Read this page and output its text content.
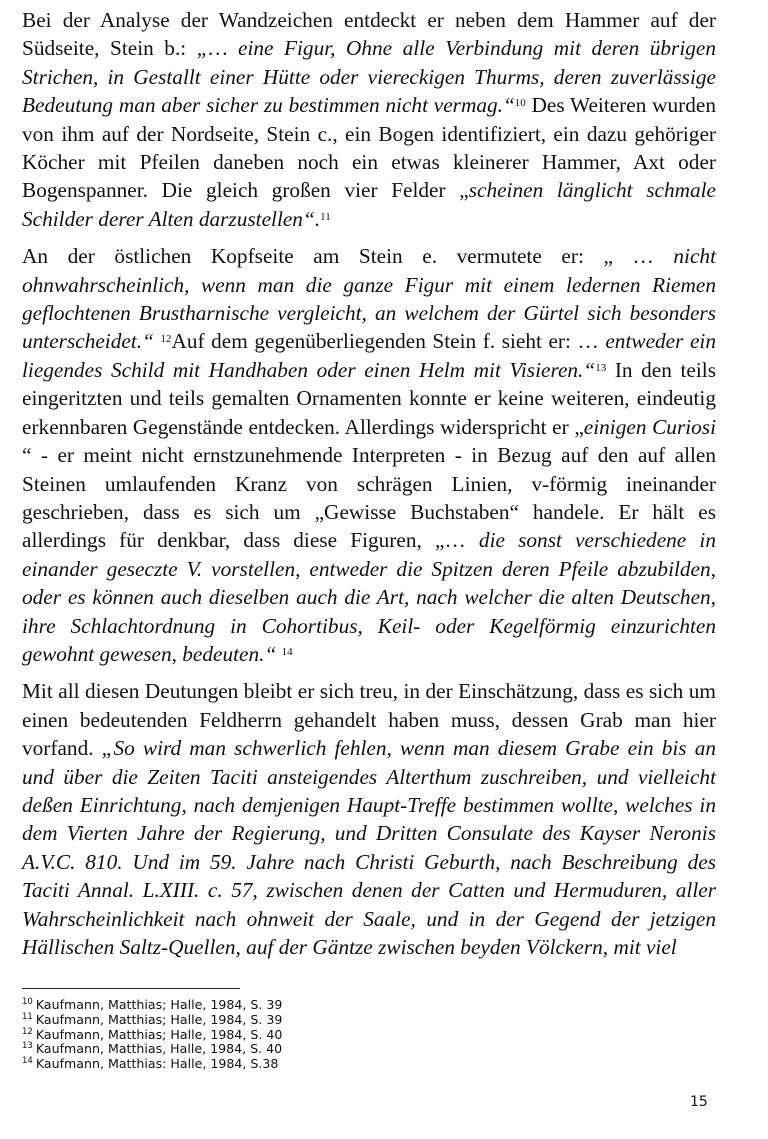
Bei der Analyse der Wandzeichen entdeckt er neben dem Hammer auf der Südseite, Stein b.: „… eine Figur, Ohne alle Verbindung mit deren übrigen Strichen, in Gestallt einer Hütte oder viereckigen Thurms, deren zuverlässige Bedeutung man aber sicher zu bestimmen nicht vermag.“$^{10}$ Des Weiteren wurden von ihm auf der Nordseite, Stein c., ein Bogen identifiziert, ein dazu gehöriger Köcher mit Pfeilen daneben noch ein etwas kleinerer Hammer, Axt oder Bogenspanner. Die gleich großen vier Felder „scheinen länglicht schmale Schilder derer Alten darzustellen“.$^{11}$

An der östlichen Kopfseite am Stein e. vermutete er: „ … nicht ohnwahrscheinlich, wenn man die ganze Figur mit einem ledernen Riemen geflochtenen Brustharnische vergleicht, an welchem der Gürtel sich besonders unterscheidet.“ $^{12}$Auf dem gegenüberliegenden Stein f. sieht er: … entweder ein liegendes Schild mit Handhaben oder einen Helm mit Visieren.“$^{13}$ In den teils eingeritzten und teils gemalten Ornamenten konnte er keine weiteren, eindeutig erkennbaren Gegenstände entdecken. Allerdings widerspricht er „einigen Curiosi “ - er meint nicht ernstzunehmende Interpreten - in Bezug auf den auf allen Steinen umlaufenden Kranz von schrägen Linien, v-förmig ineinander geschrieben, dass es sich um „Gewisse Buchstaben“ handele. Er hält es allerdings für denkbar, dass diese Figuren, „… die sonst verschiedene in einander geseczte V. vorstellen, entweder die Spitzen deren Pfeile abzubilden, oder es können auch dieselben auch die Art, nach welcher die alten Deutschen, ihre Schlachtordnung in Cohortibus, Keil- oder Kegelförmig einzurichten gewohnt gewesen, bedeuten.“ $^{14}$

Mit all diesen Deutungen bleibt er sich treu, in der Einschätzung, dass es sich um einen bedeutenden Feldherrn gehandelt haben muss, dessen Grab man hier vorfand. „So wird man schwerlich fehlen, wenn man diesem Grabe ein bis an und über die Zeiten Taciti ansteigendes Alterthum zuschreiben, und vielleicht deßen Einrichtung, nach demjenigen Haupt-Treffe bestimmen wollte, welches in dem Vierten Jahre der Regierung, und Dritten Consulate des Kayser Neronis A.V.C. 810. Und im 59. Jahre nach Christi Geburth, nach Beschreibung des Taciti Annal. L.XIII. c. 57, zwischen denen der Catten und Hermuduren, aller Wahrscheinlichkeit nach ohnweit der Saale, und in der Gegend der jetzigen Hällischen Saltz-Quellen, auf der Gäntze zwischen beyden Völckern, mit viel

$^{10}$ Kaufmann, Matthias; Halle, 1984, S. 39
$^{11}$ Kaufmann, Matthias; Halle, 1984, S. 39
$^{12}$ Kaufmann, Matthias; Halle, 1984, S. 40
$^{13}$ Kaufmann, Matthias, Halle, 1984, S. 40
$^{14}$ Kaufmann, Matthias: Halle, 1984, S.38
15
